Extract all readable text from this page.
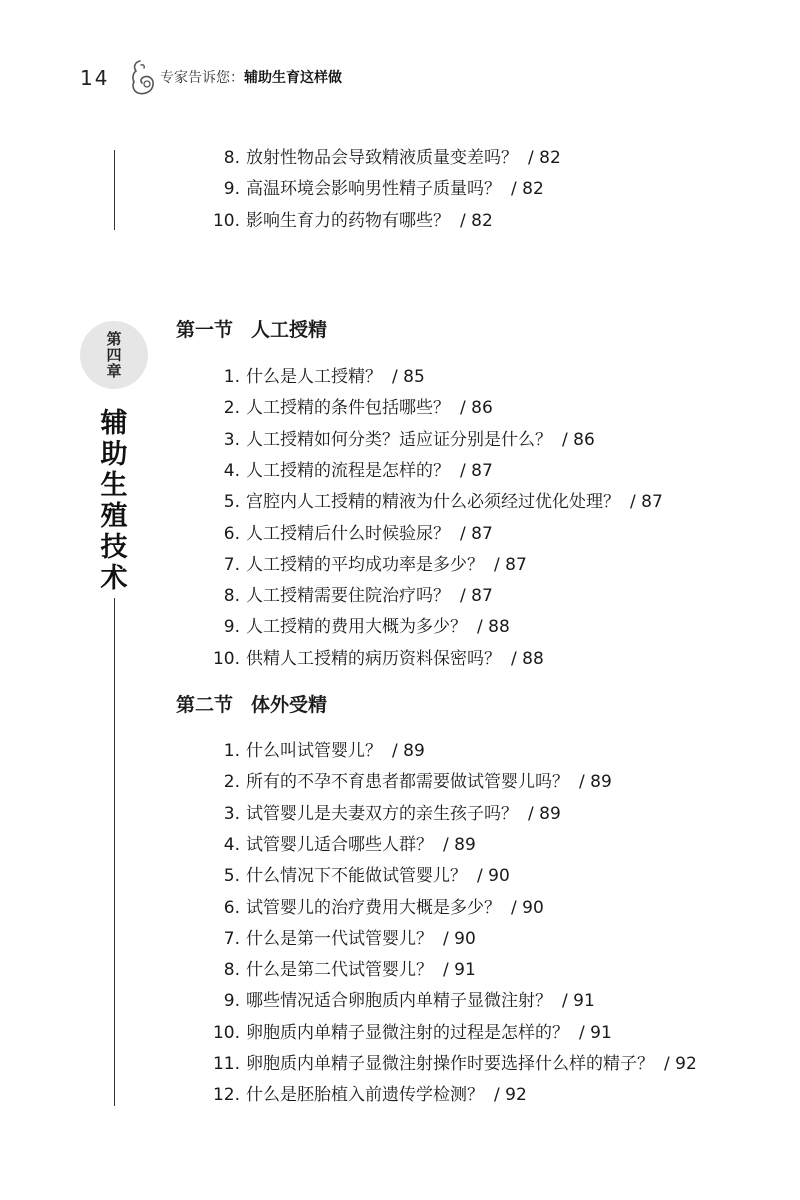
14	专家告诉您：辅助生育这样做
8. 放射性物品会导致精液质量变差吗？ / 82
9. 高温环境会影响男性精子质量吗？ / 82
10. 影响生育力的药物有哪些？ / 82
第
四
章
辅
助
生
殖
技
术
第一节 人工授精
1. 什么是人工授精？ / 85
2. 人工授精的条件包括哪些？ / 86
3. 人工授精如何分类？适应证分别是什么？ / 86
4. 人工授精的流程是怎样的？ / 87
5. 宫腔内人工授精的精液为什么必须经过优化处理？ / 87
6. 人工授精后什么时候验尿？ / 87
7. 人工授精的平均成功率是多少？ / 87
8. 人工授精需要住院治疗吗？ / 87
9. 人工授精的费用大概为多少？ / 88
10. 供精人工授精的病历资料保密吗？ / 88
第二节 体外受精
1. 什么叫试管婴儿？ / 89
2. 所有的不孕不育患者都需要做试管婴儿吗？ / 89
3. 试管婴儿是夫妻双方的亲生孩子吗？ / 89
4. 试管婴儿适合哪些人群？ / 89
5. 什么情况下不能做试管婴儿？ / 90
6. 试管婴儿的治疗费用大概是多少？ / 90
7. 什么是第一代试管婴儿？ / 90
8. 什么是第二代试管婴儿？ / 91
9. 哪些情况适合卵胞质内单精子显微注射？ / 91
10. 卵胞质内单精子显微注射的过程是怎样的？ / 91
11. 卵胞质内单精子显微注射操作时要选择什么样的精子？ / 92
12. 什么是胚胎植入前遗传学检测？ / 92
